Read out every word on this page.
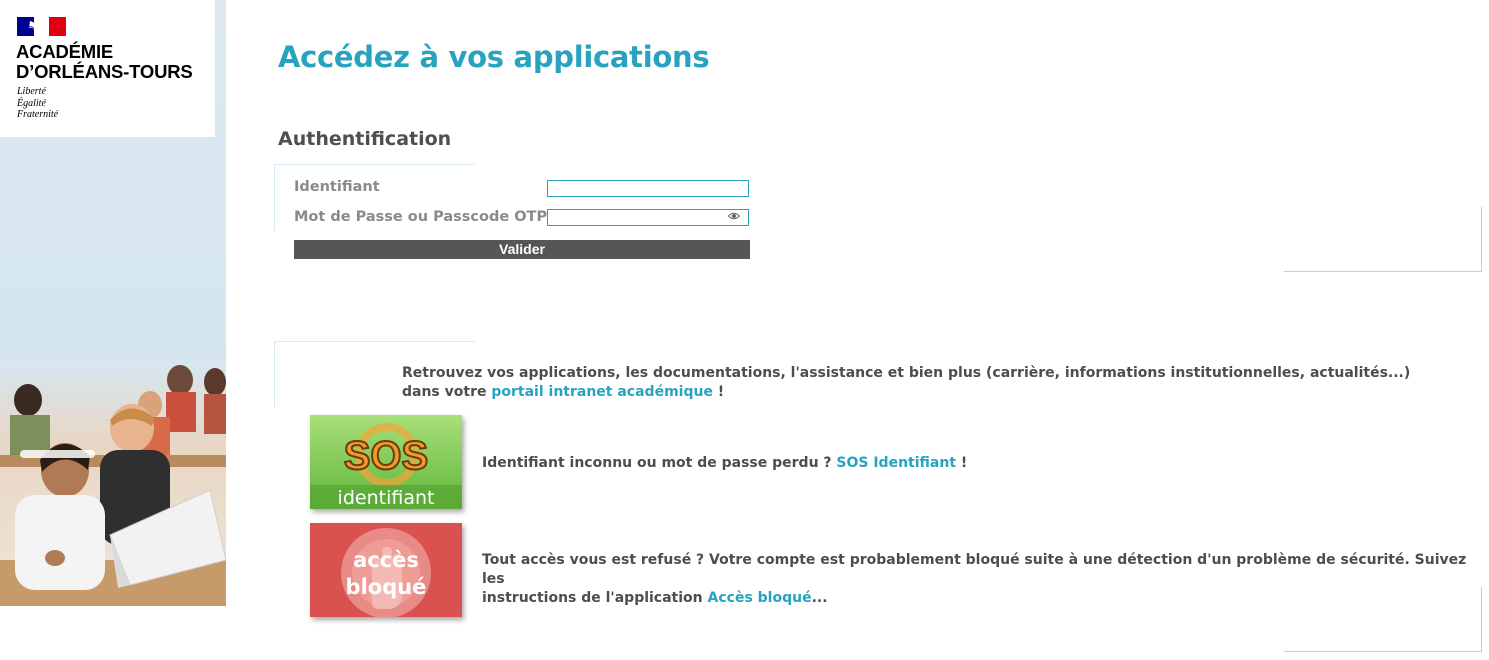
ACADÉMIE
D’ORLÉANS-TOURS

Liberté
Égalité
Fraternité
Accédez à vos applications
Authentification
Identifiant
Mot de Passe ou Passcode OTP
Valider

Retrouvez vos applications, les documentations, l'assistance et bien plus (carrière, informations institutionnelles, actualités...)
dans votre portail intranet académique !

SOS
identifiant

Identifiant inconnu ou mot de passe perdu ? SOS Identifiant !

accès
bloqué

Tout accès vous est refusé ? Votre compte est probablement bloqué suite à une détection d'un problème de sécurité. Suivez les
instructions de l'application Accès bloqué...
